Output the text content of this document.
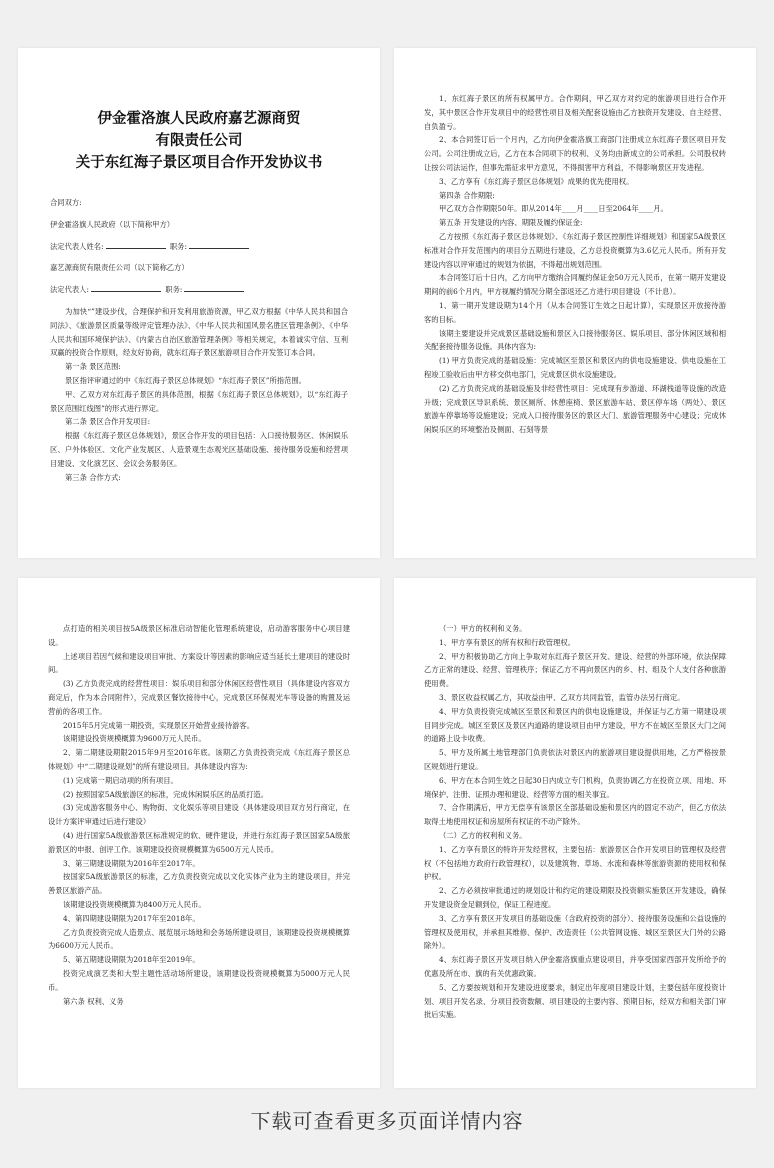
伊金霍洛旗人民政府嘉艺源商贸

有限责任公司

关于东红海子景区项目合作开发协议书

合同双方:

伊金霍洛旗人民政府（以下简称甲方）

法定代表人姓名:	职务:

嘉艺源商贸有限责任公司（以下简称乙方）

法定代表人:	职务:

为加快“”建设步伐，合理保护和开发利用旅游资源，甲乙双方根据《中华人民共和国合同法》、《旅游景区质量等级评定管理办法》、《中华人民共和国风景名胜区管理条例》、《中华人民共和国环境保护法》、《内蒙古自治区旅游管理条例》等相关规定，本着诚实守信、互利双赢的投资合作原则，经友好协商，就东红海子景区旅游项目合作开发签订本合同。

第一条 景区范围:

景区指评审通过的中《东红海子景区总体规划》“东红海子景区”所指范围。

甲、乙双方对东红海子景区的具体范围，根据《东红海子景区总体规划》，以“东红海子景区范围红线图”的形式进行界定。

第二条 景区合作开发项目:

根据《东红海子景区总体规划》，景区合作开发的项目包括：入口接待服务区、休闲娱乐区、户外体验区、文化产业发展区、人造景观生态观光区基础设施、接待服务设施和经营项目建设、文化演艺区、会议会务服务区。

第三条 合作方式:

1、东红海子景区的所有权属甲方。合作期间，甲乙双方对约定的旅游项目进行合作开发，其中景区合作开发项目中的经营性项目及相关配套设施由乙方独资开发建设、自主经营、自负盈亏。

2、本合同签订后一个月内，乙方向伊金霍洛旗工商部门注册成立东红海子景区项目开发公司。公司注册成立后，乙方在本合同项下的权利、义务均由新成立的公司承担。公司股权转让按公司法运作，但事先需征求甲方意见，不得损害甲方利益，不得影响景区开发进程。

3、乙方享有《东红海子景区总体规划》成果的优先使用权。

第四条 合作期限:

甲乙双方合作期限50年。即从2014年____月____日至2064年____月。

第五条 开发建设的内容、期限及履约保证金:

乙方按照《东红海子景区总体规划》、《东红海子景区控制性详细规划》和国家5A级景区标准对合作开发范围内的项目分五期进行建设，乙方总投资概算为3.6亿元人民币。所有开发建设内容以评审通过的规划为依据，不得超出规划范围。

本合同签订后十日内，乙方向甲方缴纳合同履约保证金50万元人民币，在第一期开发建设期间的前6个月内，甲方视履约情况分期全部返还乙方进行项目建设（不计息）。

1、第一期开发建设期为14个月（从本合同签订生效之日起计算），实现景区开放接待游客的目标。

该期主要建设并完成景区基础设施和景区入口接待服务区、娱乐项目、部分休闲区域和相关配套接待服务设施。具体内容为:

(1) 甲方负责完成的基础设施：完成城区至景区和景区内的供电设施建设、供电设施在工程竣工验收后由甲方移交供电部门，完成景区供水设施建设。

(2) 乙方负责完成的基础设施及非经营性项目：完成现有步游道、环湖栈道等设施的改造升级；完成景区导识系统、景区厕所、休憩座椅、景区旅游车站、景区停车场（两处）、景区旅游车停靠场等设施建设；完成入口接待服务区的景区大门、旅游管理服务中心建设；完成休闲娱乐区的环境整治及侧面、石刻等景

点打造的相关项目按5A级景区标准启动智能化管理系统建设，启动游客服务中心项目建设。

上述项目若因气候和建设项目审批、方案设计等因素的影响应适当延长土建项目的建设时间。

(3) 乙方负责完成的经营性项目：娱乐项目和部分休闲区经营性项目（具体建设内容双方商定后，作为本合同附件），完成景区餐饮接待中心，完成景区环保观光车等设备的购置及运营前的各项工作。

2015年5月完成第一期投资，实现景区开始营业接待游客。

该期建设投资规模概算为9600万元人民币。

2、第二期建设期限2015年9月至2016年底。该期乙方负责投资完成《东红海子景区总体规划》中“二期建设规划”的所有建设项目。具体建设内容为:

(1) 完成第一期启动项的所有项目。

(2) 按照国家5A级旅游区的标准，完成休闲娱乐区的品质打造。

(3) 完成游客服务中心、购物街、文化娱乐等项目建设（具体建设项目双方另行商定，在设计方案评审通过后进行建设）

(4) 进行国家5A级旅游景区标准规定的软、硬件建设，并进行东红海子景区国家5A级旅游景区的申报、创评工作。该期建设投资规模概算为6500万元人民币。

3、第三期建设期限为2016年至2017年。

按国家5A级旅游景区的标准，乙方负责投资完成以文化实体产业为主的建设项目，并完善景区旅游产品。

该期建设投资规模概算为8400万元人民币。

4、第四期建设期限为2017年至2018年。

乙方负责投资完成人造景点、展览展示场地和会务场所建设项目，该期建设投资规模概算为6600万元人民币。

5、第五期建设期限为2018年至2019年。

投资完成演艺类和大型主题性活动场所建设，该期建设投资规模概算为5000万元人民币。

第六条 权利、义务

（一）甲方的权利和义务。

1、甲方享有景区的所有权和行政管理权。

2、甲方积极协助乙方向上争取对东红海子景区开发、建设、经营的外部环境，依法保障乙方正常的建设、经营、管理秩序；保证乙方不再向景区内的乡、村、组及个人支付各种旅游使用费。

3、景区收益权属乙方，其收益由甲、乙双方共同监管，监管办法另行商定。

4、甲方负责投资完成城区至景区和景区内的供电设施建设，并保证与乙方第一期建设项目同步完成。城区至景区及景区内道路的建设项目由甲方建设，甲方不在城区至景区大门之间的道路上设卡收费。

5、甲方及所属土地管理部门负责依法对景区内的旅游项目建设提供用地，乙方严格按景区规划进行建设。

6、甲方在本合同生效之日起30日内成立专门机构，负责协调乙方在投资立项、用地、环境保护、注册、证照办理和建设、经营等方面的相关事宜。

7、合作期满后，甲方无偿享有该景区全部基础设施和景区内的固定不动产，但乙方依法取得土地使用权证和房屋所有权证的不动产除外。

（二）乙方的权利和义务。

1、乙方享有景区的特许开发经营权，主要包括：旅游景区合作开发项目的管理权及经营权（不包括地方政府行政管理权），以及建筑物、草场、水流和森林等旅游资源的使用权和保护权。

2、乙方必须按审批通过的规划设计和约定的建设期限及投资额实施景区开发建设，确保开发建设资金足额到位，保证工程进度。

3、乙方享有景区开发项目的基础设施（含政府投资的部分）、接待服务设施和公益设施的管理权及使用权，并承担其维修、保护、改造责任（公共管网设施、城区至景区大门外的公路除外）。

4、东红海子景区开发项目纳入伊金霍洛旗重点建设项目，并享受国家西部开发所给予的优惠及所在市、旗的有关优惠政策。

5、乙方要按规划和开发建设进度要求，制定出年度项目建设计划，主要包括年度投资计划、项目开发名录、分项目投资数额、项目建设的主要内容、预期目标，经双方和相关部门审批后实施。

下载可查看更多页面详情内容
